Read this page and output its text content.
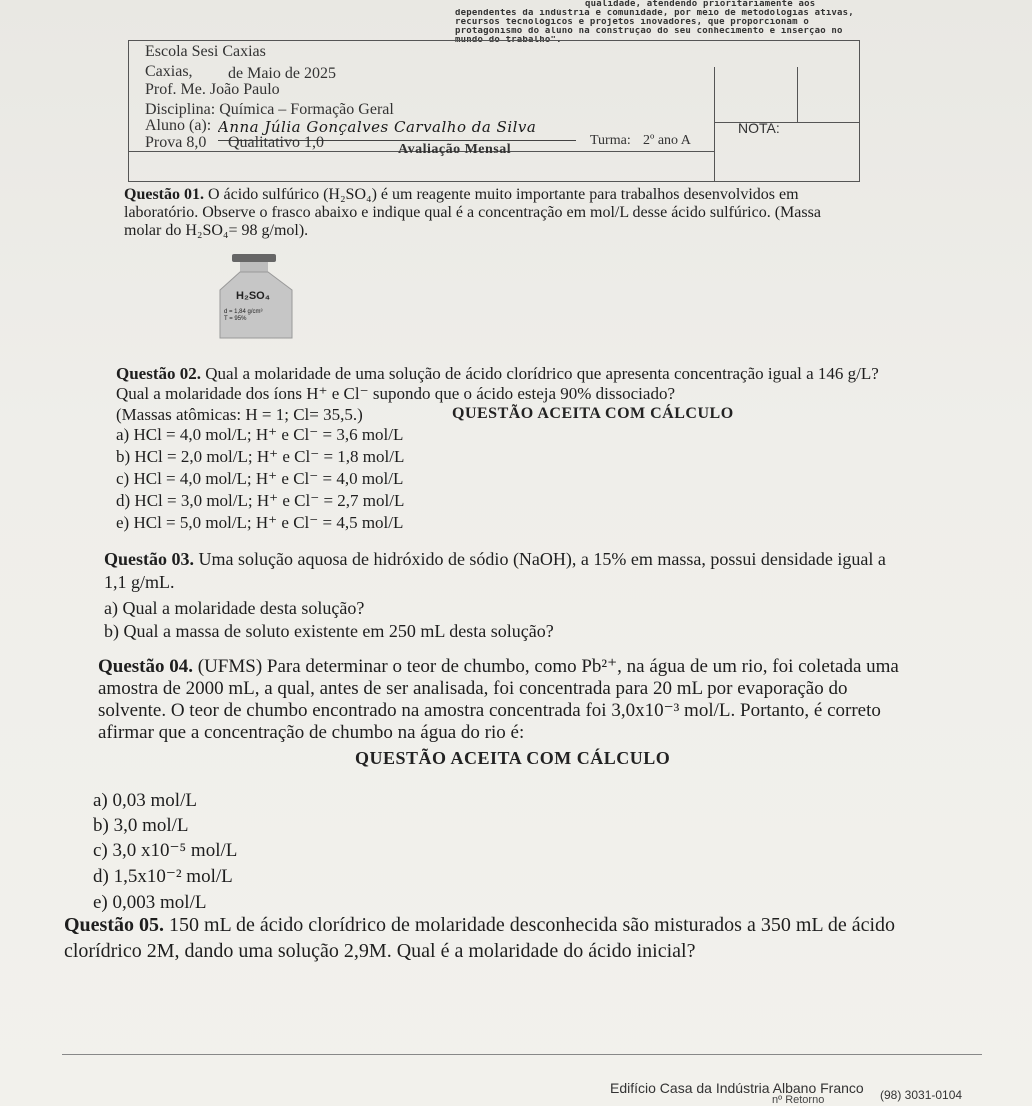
qualidade, atendendo prioritariamente aos
dependentes da indústria e comunidade, por meio de metodologias ativas,
recursos tecnológicos e projetos inovadores, que proporcionam o
protagonismo do aluno na construção do seu conhecimento e inserção no
mundo do trabalho".
NOTA:
Escola Sesi Caxias
Caxias, de Maio de 2025
Prof. Me. João Paulo
Disciplina: Química – Formação Geral
Aluno (a): Anna Júlia Gonçalves Carvalho da Silva
Turma: 2º ano A
Prova 8,0 Qualitativo 1,0	Avaliação Mensal
Questão 01. O ácido sulfúrico (H₂SO₄) é um reagente muito importante para trabalhos desenvolvidos em laboratório. Observe o frasco abaixo e indique qual é a concentração em mol/L desse ácido sulfúrico. (Massa molar do H₂SO₄= 98 g/mol).
H₂SO₄
d = 1,84 g/cm³
T = 95%
Questão 02. Qual a molaridade de uma solução de ácido clorídrico que apresenta concentração igual a 146 g/L? Qual a molaridade dos íons H⁺ e Cl⁻ supondo que o ácido esteja 90% dissociado?
(Massas atômicas: H = 1; Cl= 35,5.)	QUESTÃO ACEITA COM CÁLCULO
a) HCl = 4,0 mol/L; H⁺ e Cl⁻ = 3,6 mol/L
b) HCl = 2,0 mol/L; H⁺ e Cl⁻ = 1,8 mol/L
c) HCl = 4,0 mol/L; H⁺ e Cl⁻ = 4,0 mol/L
d) HCl = 3,0 mol/L; H⁺ e Cl⁻ = 2,7 mol/L
e) HCl = 5,0 mol/L; H⁺ e Cl⁻ = 4,5 mol/L
Questão 03. Uma solução aquosa de hidróxido de sódio (NaOH), a 15% em massa, possui densidade igual a 1,1 g/mL.
a) Qual a molaridade desta solução?
b) Qual a massa de soluto existente em 250 mL desta solução?
Questão 04. (UFMS) Para determinar o teor de chumbo, como Pb²⁺, na água de um rio, foi coletada uma amostra de 2000 mL, a qual, antes de ser analisada, foi concentrada para 20 mL por evaporação do solvente. O teor de chumbo encontrado na amostra concentrada foi 3,0x10⁻³ mol/L. Portanto, é correto afirmar que a concentração de chumbo na água do rio é:
QUESTÃO ACEITA COM CÁLCULO
a) 0,03 mol/L
b) 3,0 mol/L
c) 3,0 x10⁻⁵ mol/L
d) 1,5x10⁻² mol/L
e) 0,003 mol/L
Questão 05. 150 mL de ácido clorídrico de molaridade desconhecida são misturados a 350 mL de ácido clorídrico 2M, dando uma solução 2,9M. Qual é a molaridade do ácido inicial?
Edifício Casa da Indústria Albano Franco
nº Retorno	(98) 3031-0104
